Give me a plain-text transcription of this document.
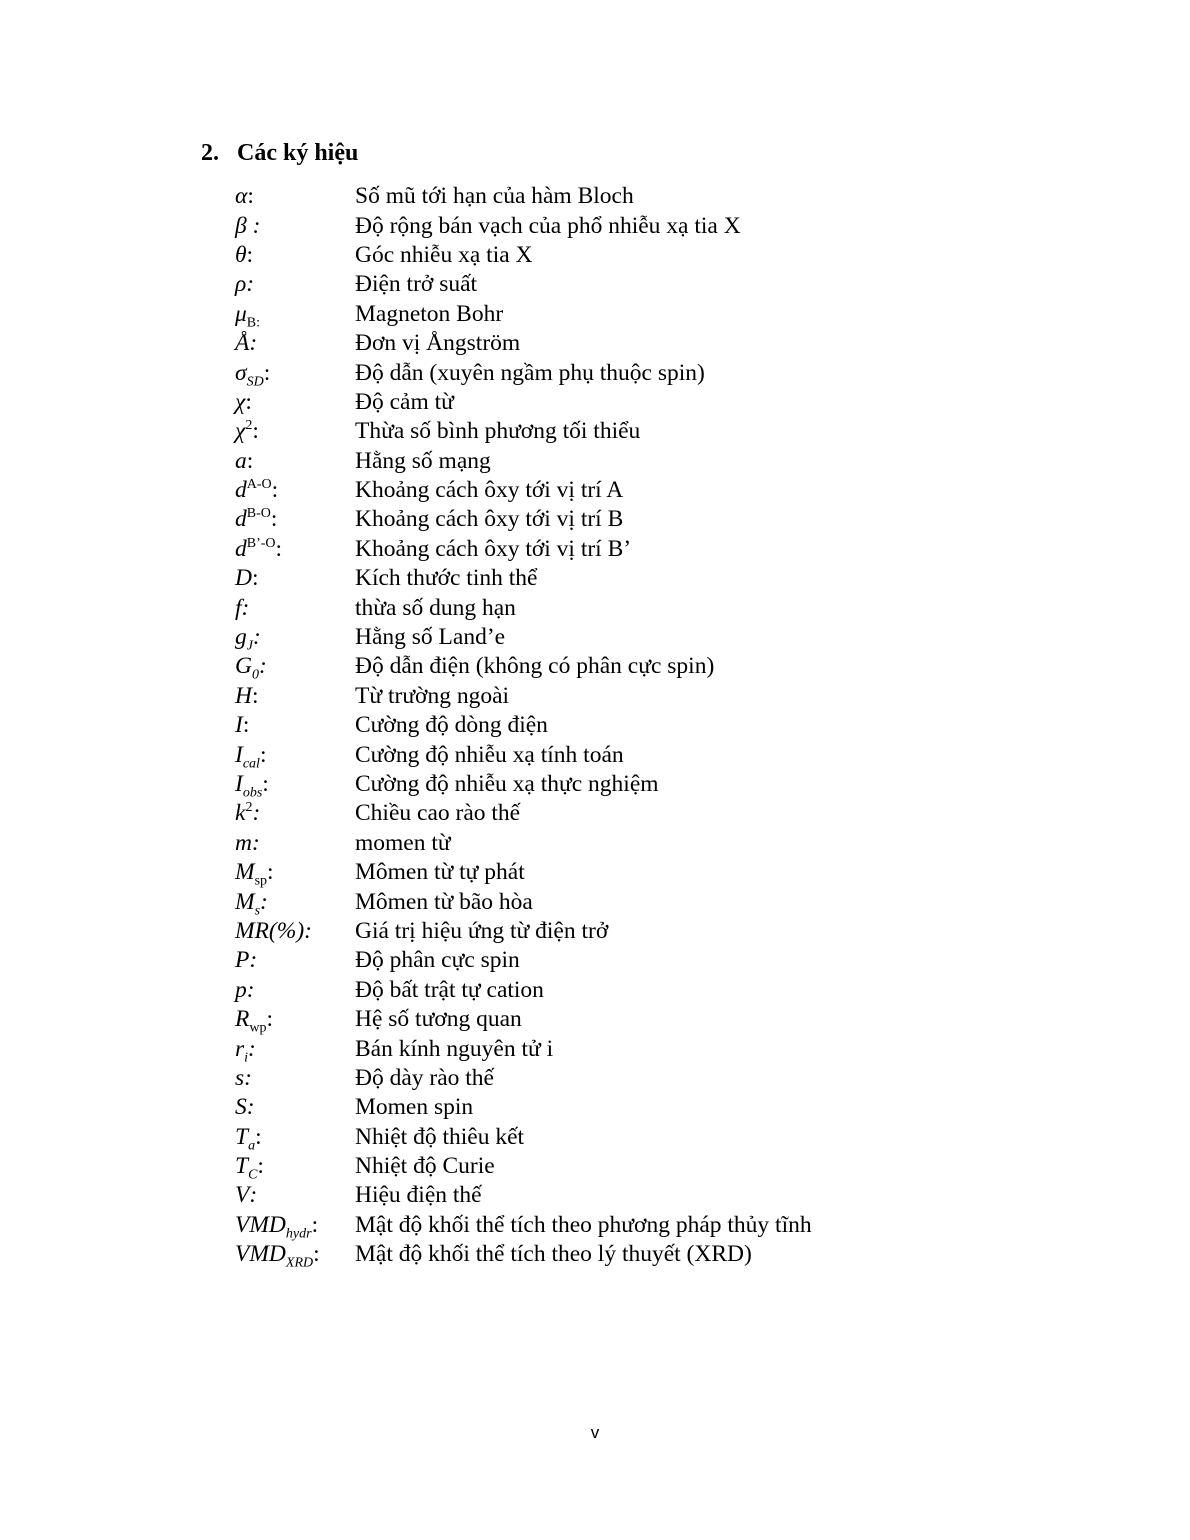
2. Các ký hiệu
α:	Số mũ tới hạn của hàm Bloch
β :	Độ rộng bán vạch của phổ nhiễu xạ tia X
θ:	Góc nhiễu xạ tia X
ρ:	Điện trở suất
$\mu_{B:}$	Magneton Bohr
Å:	Đơn vị Ångström
$\sigma_{SD}$:	Độ dẫn (xuyên ngầm phụ thuộc spin)
χ:	Độ cảm từ
$\chi^2$:	Thừa số bình phương tối thiểu
a:	Hằng số mạng
$d^{A-O}$:	Khoảng cách ôxy tới vị trí A
$d^{B-O}$:	Khoảng cách ôxy tới vị trí B
$d^{B’-O}$:	Khoảng cách ôxy tới vị trí B’
D:	Kích thước tinh thể
f:	thừa số dung hạn
$g_J$:	Hằng số Land’e
$G_0$:	Độ dẫn điện (không có phân cực spin)
H:	Từ trường ngoài
I:	Cường độ dòng điện
$I_{cal}$:	Cường độ nhiễu xạ tính toán
$I_{obs}$:	Cường độ nhiễu xạ thực nghiệm
$k^2$:	Chiều cao rào thế
m:	momen từ
$M_{sp}$:	Mômen từ tự phát
$M_s$:	Mômen từ bão hòa
MR(%):	Giá trị hiệu ứng từ điện trở
P:	Độ phân cực spin
p:	Độ bất trật tự cation
$R_{wp}$:	Hệ số tương quan
$r_i$:	Bán kính nguyên tử i
s:	Độ dày rào thế
S:	Momen spin
$T_a$:	Nhiệt độ thiêu kết
$T_C$:	Nhiệt độ Curie
V:	Hiệu điện thế
$VMD_{hydr}$:	Mật độ khối thể tích theo phương pháp thủy tĩnh
$VMD_{XRD}$:	Mật độ khối thể tích theo lý thuyết (XRD)
v
